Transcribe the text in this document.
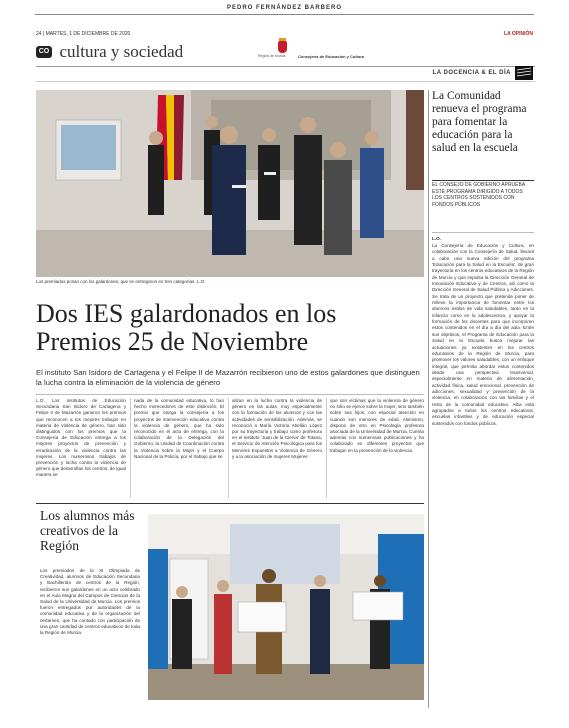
PEDRO FERNÁNDEZ BARBERO
24 | MARTES, 1 DE DICIEMBRE DE 2020	LA OPINIÓN
CO cultura y sociedad	Región de Murcia	Consejería de Educación y Cultura
LA DOCENCIA & EL DÍA
Los premiados posan con los galardones, que se entregaron en tres categorías. L.O.
Dos IES galardonados en los Premios 25 de Noviembre
El instituto San Isidoro de Cartagena y el Felipe II de Mazarrón recibieron uno de estos galardones que distinguen la lucha contra la eliminación de la violencia de género
L.O. Los institutos de Educación Secundaria San Isidoro de Cartagena y Felipe II de Mazarrón ganaron los premios que reconocen a los mejores trabajos en materia de violencia de género, han sido distinguidos con los premios que la Consejería de Educación entrega a los mejores proyectos de prevención y erradicación de la violencia contra las mujeres. Los numerosos trabajos de prevención y lucha contra la violencia de género que desarrollan los centros, de igual manera se
nada de la comunidad educativa, lo han hecho merecedores de este distinción. El premio que otorga la consejería a los proyectos de intervención educativa contra la violencia de género, que ha sido reconocido en el acto de entrega, con la colaboración de la Delegación del Gobierno, la Unidad de Coordinación contra la Violencia sobre la Mujer y el Cuerpo Nacional de la Policía, por el trabajo que se
alizan en la lucha contra la violencia de género en las aulas, muy especialmente con la formación de los alumnos y con las actividades de sensibilización. Además, se reconoció a María Victoria Abellán López por su trayectoria y trabajo como profesora en el instituto 'Juan de la Cierva' de Totana, el Servicio de Atención Psicológica para los Menores Expuestos a Violencia de Género y a la asociación de mujeres Mujeres
que son víctimas que la violencia de género no sólo se ejerce sobre la mujer, sino también sobre sus hijos, con especial atención en cuando son menores de edad. Asimismo, dispone de otro en Psicología profesora asociada de la Universidad de Murcia. Cuenta además con numerosas publicaciones y ha colaborado en diferentes proyectos que trabajan en la prevención de la violencia.
La Comunidad renueva el programa para fomentar la educación para la salud en la escuela
EL CONSEJO DE GOBIERNO APRUEBA ESTE PROGRAMA DIRIGIDO A TODOS LOS CENTROS SOSTENIDOS CON FONDOS PÚBLICOS
L.O.
La Consejería de Educación y Cultura, en colaboración con la Consejería de Salud, llevará a cabo una nueva edición del programa 'Educación para la Salud en la Escuela', de gran trayectoria en los centros educativos de la Región de Murcia y que impulsa la Dirección General de Innovación Educativa y de Centros, así como la Dirección General de Salud Pública y Adicciones. Se trata de un proyecto que pretende poner de relieve la importancia de fomentar entre los alumnos estilos de vida saludables, tanto en la infancia como en la adolescencia, y apoyar la formación de los docentes para que incorporen estos contenidos en el día a día del aula. Entre sus objetivos, el Programa de Educación para la Salud en la Escuela busca mejorar las actuaciones ya existentes en los centros educativos de la Región de Murcia, para promover los valores saludables, con un enfoque integral, que permita abordar estos contenidos desde una perspectiva transversal, especialmente en materia de alimentación, actividad física, salud emocional, prevención de adicciones, sexualidad y prevención de la violencia, en colaboración con las familias y el resto de la comunidad educativa. Alba está agrupados a todos los centros educativos, escuelas infantiles y de educación especial sostenidos con fondos públicos.
Los alumnos más creativos de la Región
Los premiados de la XI Olimpiada de Creatividad, alumnos de Educación Secundaria y Bachillerato de centros de la Región, recibieron sus galardones en un acto celebrado en el Aula Magna del Campus de Ciencias de la Salud de la Universidad de Murcia. Los premios fueron entregados por autoridades de la comunidad educativa y de la organización del certamen, que ha contado con participación de una gran cantidad de centros educativos de toda la Región de Murcia.
